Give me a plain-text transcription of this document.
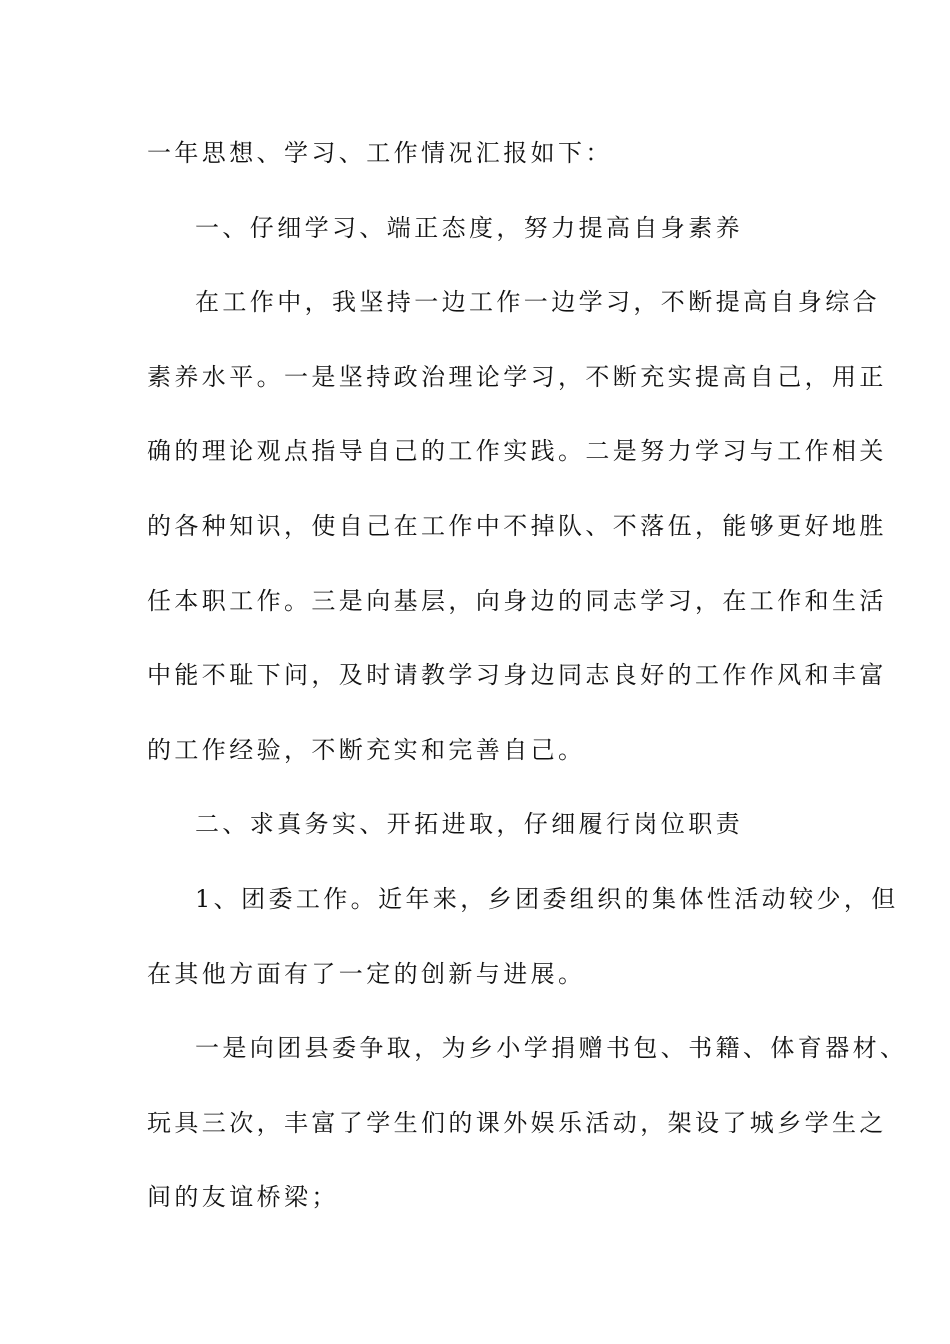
一年思想、学习、工作情况汇报如下：
一、仔细学习、端正态度，努力提高自身素养
在工作中，我坚持一边工作一边学习，不断提高自身综合
素养水平。一是坚持政治理论学习，不断充实提高自己，用正
确的理论观点指导自己的工作实践。二是努力学习与工作相关
的各种知识，使自己在工作中不掉队、不落伍，能够更好地胜
任本职工作。三是向基层，向身边的同志学习，在工作和生活
中能不耻下问，及时请教学习身边同志良好的工作作风和丰富
的工作经验，不断充实和完善自己。
二、求真务实、开拓进取，仔细履行岗位职责
1、团委工作。近年来，乡团委组织的集体性活动较少，但
在其他方面有了一定的创新与进展。
一是向团县委争取，为乡小学捐赠书包、书籍、体育器材、
玩具三次，丰富了学生们的课外娱乐活动，架设了城乡学生之
间的友谊桥梁；
